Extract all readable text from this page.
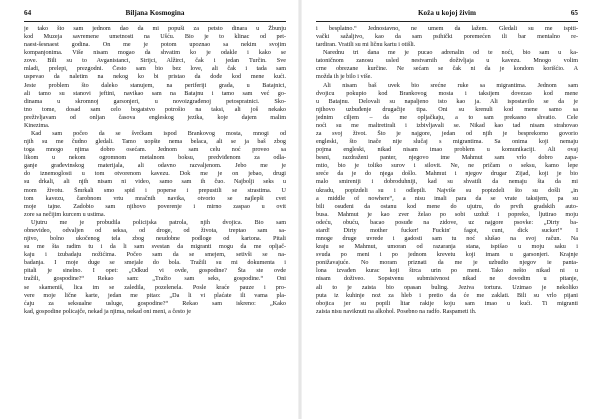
64	Biljana Kosmogina
je tako što sam jednom dao da mi popuši za petsto dinara u Žbunju
kod Muzeja savremene umetnosti na Ušću. Bio je to klinac od pet-
naest-šesnaest godina. On me je potom upoznao sa nekim svojim
kompanjonima. Više nisam mogao da shvatim ko je odakle i kako se
zove. Bili su to Avganistanci, Sirijci, Alžirci, čak i jedan Turčin. Sve
mladi, prelepi, prezgodni. Često sam bio bez love, ali čak i tada sam
uspevao da naletim na nekog ko bi pristao da dođe kod mene kući.
Jeste problem što daleko stanujem, na periferiji grada, u Batajnici,
ali tamo su stanovi jeftini, navikao sam na Batajnu i tamo sam već go-
dinama u skromnoj garsonjeri, u novoizgrađenoj petospratnici. Sko-
tno tome, dosad sam celo bogatstvo potrošio na taksi, ali još nekako
preživljavam od onljan časova engleskog jezika, koje dajem malim
Kinezima.
Kad sam počeo da se švrćkam ispod Brankovog mosta, mnogi od
njih su me čudno gledali. Tamo uopšte nema belaca, ali se ja baš zbog
toga mnogo njima dobro osećam. Jednom sam celu noć proveo sa
likom u nekom ogromnom metalnom boksu, predviđenom za odla-
ganje građevinskog materijala, ali odavno razvaljenom. Jebo me je
do iznemoglosti u tom otvorenom kavezu. Dok me je on jebao, drugi
su drkali, ali njih nisam ni video, samo sam ih čuo. Najbolji seks u
mom životu. Šmrkali smo spid i poperse i prepustili se strastima. U
tom kavezu, čarobnom vrtu mračnih navika, otvorio se najlepši cvet
moje tajne. Zadobio sam njihovo poverenje i mirno zaspao u ovit
zore sa nečijim kurcem u ustima.
Ujutru me je probudila policijska patrola, njih dvojica. Bio sam
obnevideo, odvaljen od seksa, od droge, od života, treptao sam sa-
njivo, bolno ukočenog tela zbog neudobne podloge od kartona. Pitali
su me šta radim tu i da li sam svestan da migranti mogu da me opljač-
kaju i izubadaju nožićima. Počeo sam da se smejem, setivši se na-
badanja. I moje duge se smejale do bola. Tražili su mi dokumenta i
pitali je sinelno. I opet: „Odkud vi ovde, gospodine? Šta ste ovde
tražili, gospodine?“ Rekao sam: „Tražio sam seks, gospodine.“ Oni
se skameniš, lica im se zaledila, pozelenela. Posle kraće pauze i pro-
vere moje lične karte, jedan me pitao: „Da li vi plaćate ili vama pla-
ćaju za seksualne usluge, gospodine?“ Rekao sam iskreno: „Kako
kad, gospodine policajče, nekad ja njima, nekad oni meni, a često je
Koža u kojoj živim	65
i besplatno.“ Jednostavno, ne umem da lažem. Gledali su me ispiti-
vački sažaljivo, kao da sam psihički poremećen ili bar mentalno re-
tardiran. Vratili su mi ličnu kartu i otišli.
Narednu tri dana me je pucao adrenalin od te noći, bio sam u ka-
tatoničnom zanosu usled nestvarnih doživljaja u kavezu. Mnogo volim
crne obrezane kurčine. Ne sećam se čak ni da je kondom korišćio. A
možda ih je bilo i više.
Ali nisam baš uvek bio srećne ruke sa migrantima. Jednom sam
dvojicu pokupio kod Brankovog mosta i taksijem dovezao kod mene
u Batajnu. Delovali su napaljeno isto kao ja. Ali ispostavilo se da je
njihovo uzbuđenje drugačije tipa. Oni su krenuli kod mene samo sa
jednim ciljem – da me opljačkaju, a to sam prekasno shvatio. Cele
noći su me maltretirali i izbivljavali se. Nikad kao tad nisam strahovao
za svoj život. Što je najgore, jedan od njih je besprekorno govorio
engleski, što inače nije slučaj s migrantima. Sa onima koji nemaju
pojma engleski, nikad nisam imao problem u komunikaciji. Ali ovaj
besni, razdraženi panter, njegovo ime Mahmut sam vrlo dobro zapa-
mtio, bio je toliko surov i silovit. Ne, ne pričam o seksu, kamo lepe
sreće da je do njega došlo. Mahmut i njegov drugar Zijad, koji je bio
malo smireniji i dobroduhniji, kad su shvatili da nemaju šta da mi
ukradu, popizdeli su i odlepili. Najviše su popizdeli što su došli „in
a middle of nowhere“, a nisu imali para da se vrate taksijem, pa su
bili osuđeni da ostanu kod mene do ujutru, do prvih gradskih auto-
busa. Mahmut je kao zver želao po sobi uzduž i poprekо, ljutirao moju
odeću, obuću, bacao posuđe na zidove, uz najgore psovke: „Dirty ba-
stard! Dirty mother fucker! Fuckin' fagot, cunt, dick sucker!“ I
mnoge druge uvrede i gadosti sam tu noć slušao na svoj račun. Na
kraju se Mahmut, umoran od razaranja stana, ispišao u moju saku i
svuda po meni i po jednom krevetu koji imam u garsonjeri. Krajnje
ponižavajuće. No moram priznati da me je uzbudio njegov ie panta-
lona izvađen kurac koji štrca urin po meni. Tako nešto nikad ni u
nisam doživeo. Sopstvenu submisivnost nikad ne dovodim u pitanje,
ali to je zaista bio opasan buling. Jezivа tortura. Uzimao je nekoliko
puta iz kuhinje noż za hleb i pretio da će me zaklati. Bili su vrlo pijani
obojica jer su popili litar rakije koju sam imao u kući. Ti migranti
zaista nisu naviknuti na alkohol. Posebno na radfo. Raspameti ih.
